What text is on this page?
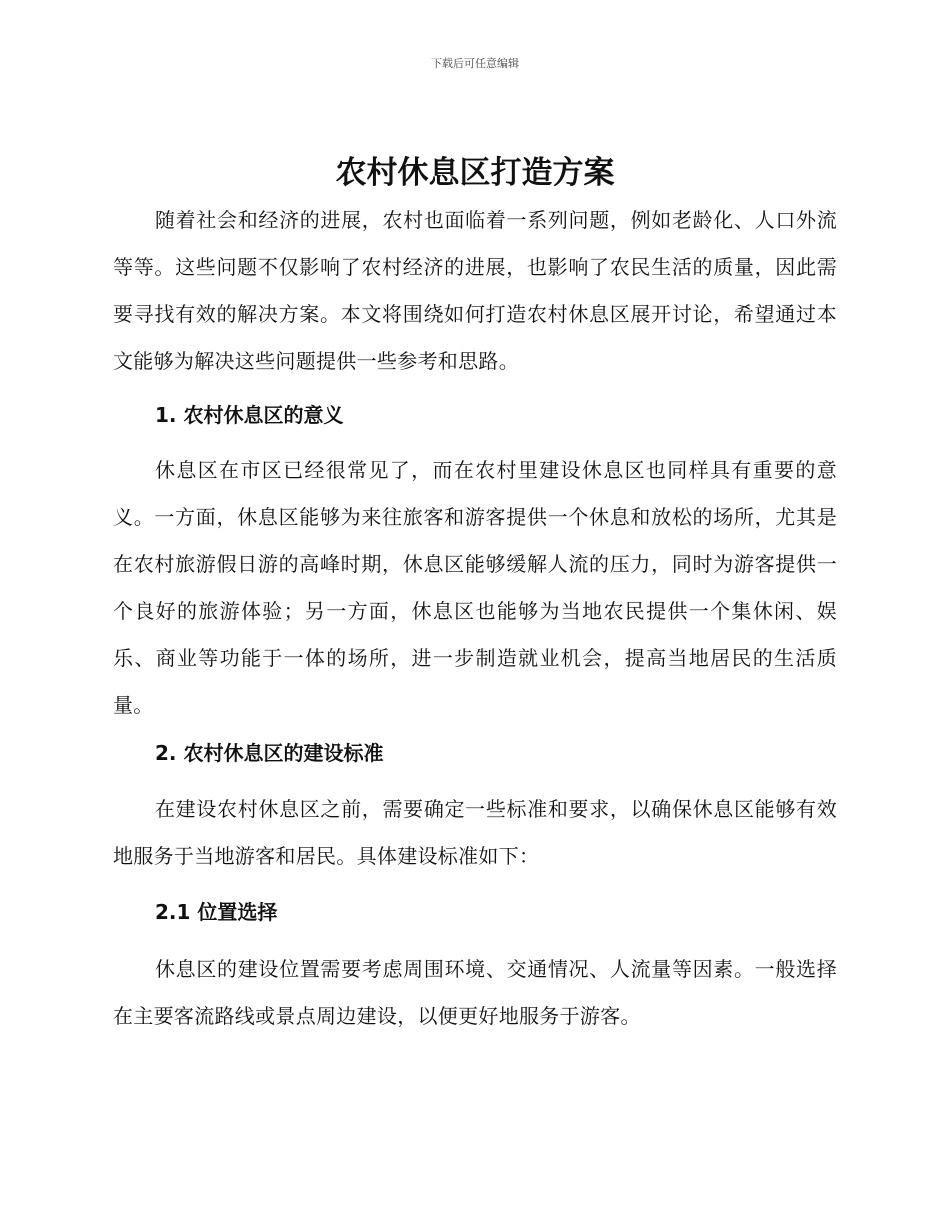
下载后可任意编辑
农村休息区打造方案

随着社会和经济的进展，农村也面临着一系列问题，例如老龄化、人口外流等等。这些问题不仅影响了农村经济的进展，也影响了农民生活的质量，因此需要寻找有效的解决方案。本文将围绕如何打造农村休息区展开讨论，希望通过本文能够为解决这些问题提供一些参考和思路。

1. 农村休息区的意义

休息区在市区已经很常见了，而在农村里建设休息区也同样具有重要的意义。一方面，休息区能够为来往旅客和游客提供一个休息和放松的场所，尤其是在农村旅游假日游的高峰时期，休息区能够缓解人流的压力，同时为游客提供一个良好的旅游体验；另一方面，休息区也能够为当地农民提供一个集休闲、娱乐、商业等功能于一体的场所，进一步制造就业机会，提高当地居民的生活质量。

2. 农村休息区的建设标准

在建设农村休息区之前，需要确定一些标准和要求，以确保休息区能够有效地服务于当地游客和居民。具体建设标准如下：

2.1 位置选择

休息区的建设位置需要考虑周围环境、交通情况、人流量等因素。一般选择在主要客流路线或景点周边建设，以便更好地服务于游客。
